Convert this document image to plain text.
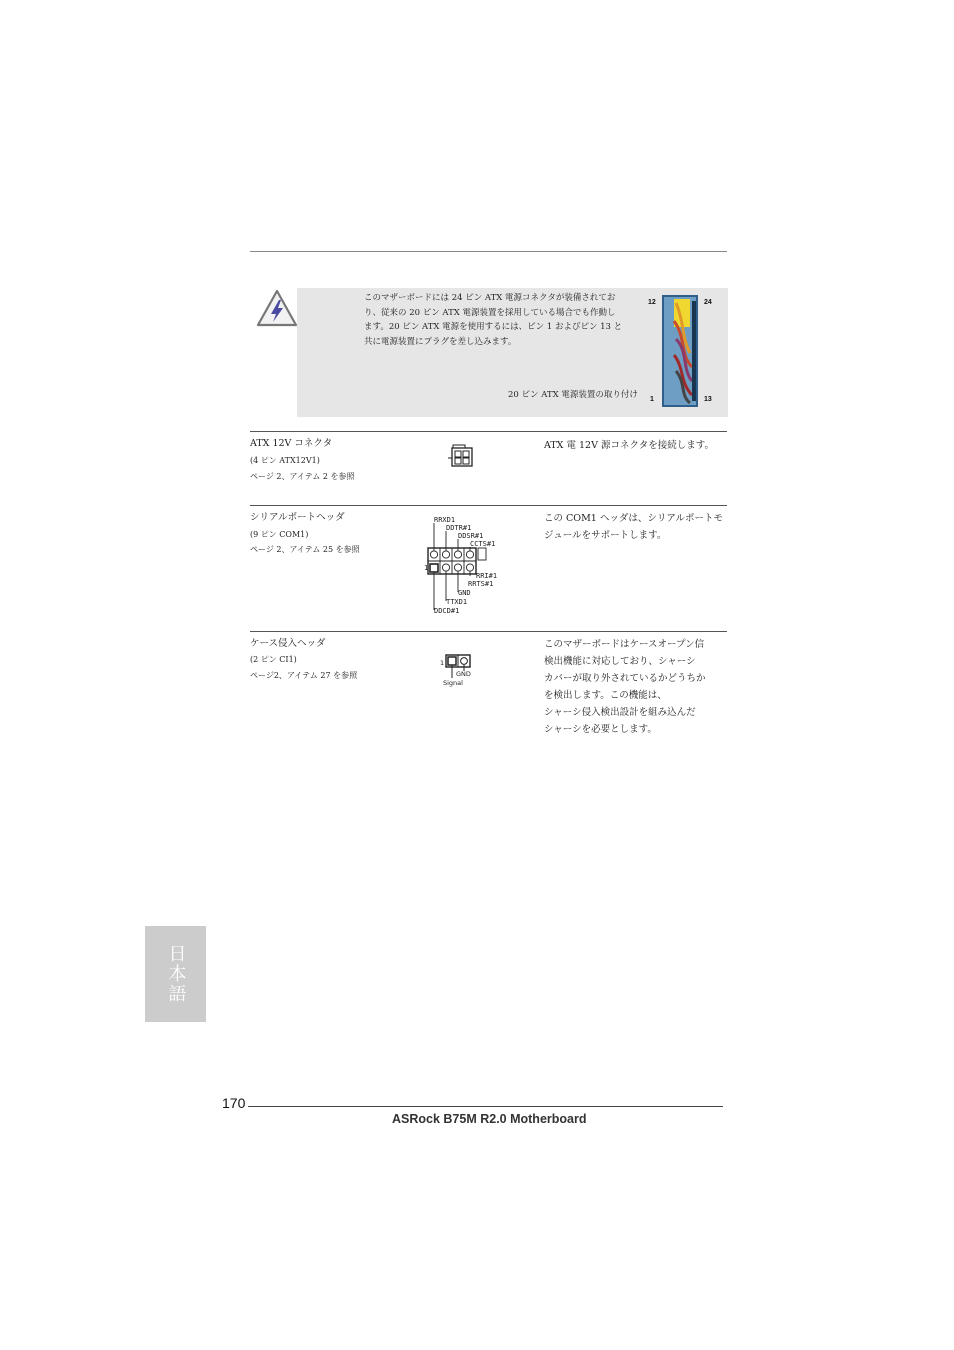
このマザーボードには 24 ピン ATX 電源コネクタが装備されてお
り、従来の 20 ピン ATX 電源装置を採用している場合でも作動し
ます。20 ピン ATX 電源を使用するには、ピン 1 およびピン 13 と
共に電源装置にプラグを差し込みます。
20 ピン ATX 電源装置の取り付け
12	24
1	13
ATX 12V コネクタ
(4 ピン ATX12V1)
ページ 2、アイテム 2 を参照
ATX 電 12V 源コネクタを接続します。
シリアルポートヘッダ
(9 ピン COM1)
ページ 2、アイテム 25 を参照
RRXD1
DDTR#1
DDSR#1
CCTS#1
1
RRI#1
RRTS#1
GND
TTXD1
DDCD#1
この COM1 ヘッダは、シリアルポートモ
ジュールをサポートします。
ケース侵入ヘッダ
(2 ピン CI1)
ページ2、アイテム 27 を参照
1
GND
Signal
このマザーボードはケースオープン信
検出機能に対応しており、シャーシ
カバーが取り外されているかどうちか
を検出します。この機能は、
シャーシ侵入検出設計を組み込んだ
シャーシを必要とします。
日本語
170
ASRock B75M R2.0 Motherboard
